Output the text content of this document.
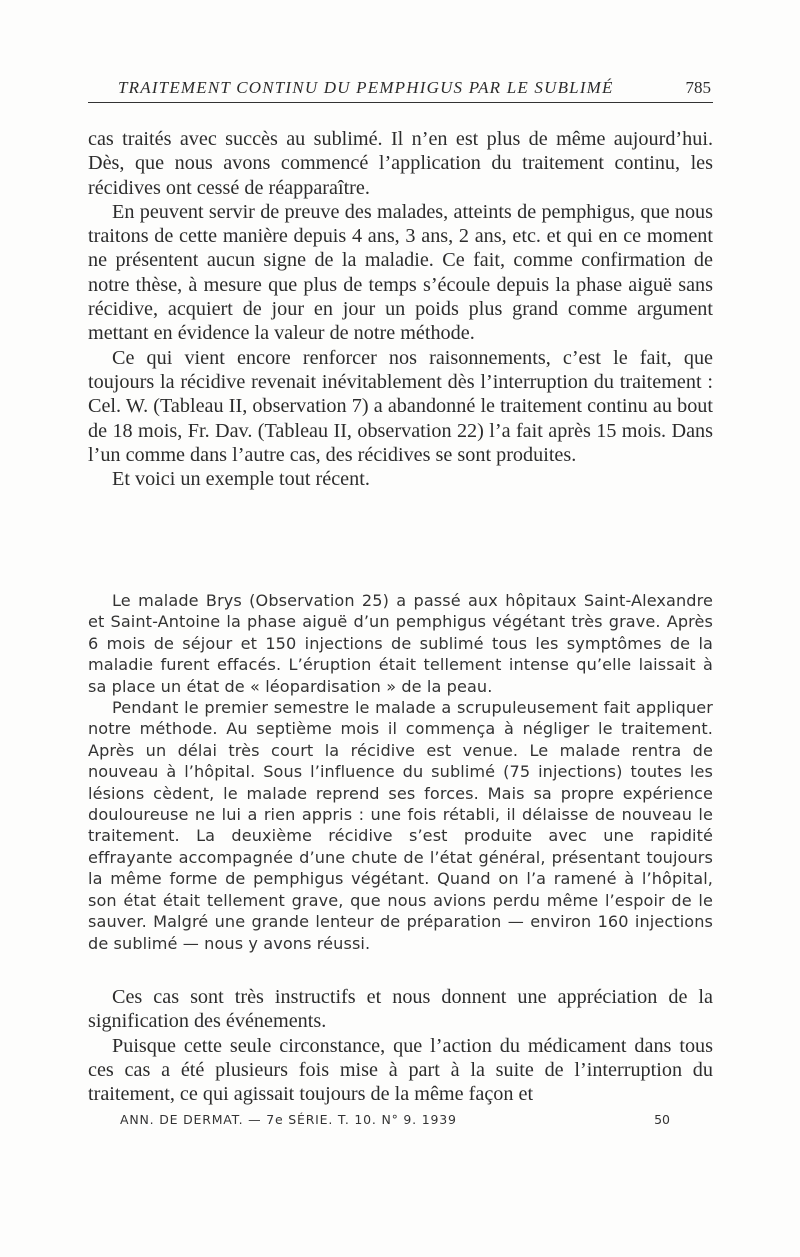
TRAITEMENT CONTINU DU PEMPHIGUS PAR LE SUBLIMÉ	785

cas traités avec succès au sublimé. Il n’en est plus de même aujourd’hui. Dès, que nous avons commencé l’application du traitement continu, les récidives ont cessé de réapparaître.

En peuvent servir de preuve des malades, atteints de pemphigus, que nous traitons de cette manière depuis 4 ans, 3 ans, 2 ans, etc. et qui en ce moment ne présentent aucun signe de la maladie. Ce fait, comme confirmation de notre thèse, à mesure que plus de temps s’écoule depuis la phase aiguë sans récidive, acquiert de jour en jour un poids plus grand comme argument mettant en évidence la valeur de notre méthode.

Ce qui vient encore renforcer nos raisonnements, c’est le fait, que toujours la récidive revenait inévitablement dès l’interruption du traitement : Cel. W. (Tableau II, observation 7) a abandonné le traitement continu au bout de 18 mois, Fr. Dav. (Tableau II, observation 22) l’a fait après 15 mois. Dans l’un comme dans l’autre cas, des récidives se sont produites.

Et voici un exemple tout récent.

Le malade Brys (Observation 25) a passé aux hôpitaux Saint-Alexandre et Saint-Antoine la phase aiguë d’un pemphigus végétant très grave. Après 6 mois de séjour et 150 injections de sublimé tous les symptômes de la maladie furent effacés. L’éruption était tellement intense qu’elle laissait à sa place un état de « léopardisation » de la peau.

Pendant le premier semestre le malade a scrupuleusement fait appliquer notre méthode. Au septième mois il commença à négliger le traitement. Après un délai très court la récidive est venue. Le malade rentra de nouveau à l’hôpital. Sous l’influence du sublimé (75 injections) toutes les lésions cèdent, le malade reprend ses forces. Mais sa propre expérience douloureuse ne lui a rien appris : une fois rétabli, il délaisse de nouveau le traitement. La deuxième récidive s’est produite avec une rapidité effrayante accompagnée d’une chute de l’état général, présentant toujours la même forme de pemphigus végétant. Quand on l’a ramené à l’hôpital, son état était tellement grave, que nous avions perdu même l’espoir de le sauver. Malgré une grande lenteur de préparation — environ 160 injections de sublimé — nous y avons réussi.

Ces cas sont très instructifs et nous donnent une appréciation de la signification des événements.

Puisque cette seule circonstance, que l’action du médicament dans tous ces cas a été plusieurs fois mise à part à la suite de l’interruption du traitement, ce qui agissait toujours de la même façon et

ANN. DE DERMAT. — 7e SÉRIE. T. 10. N° 9. 1939	50
